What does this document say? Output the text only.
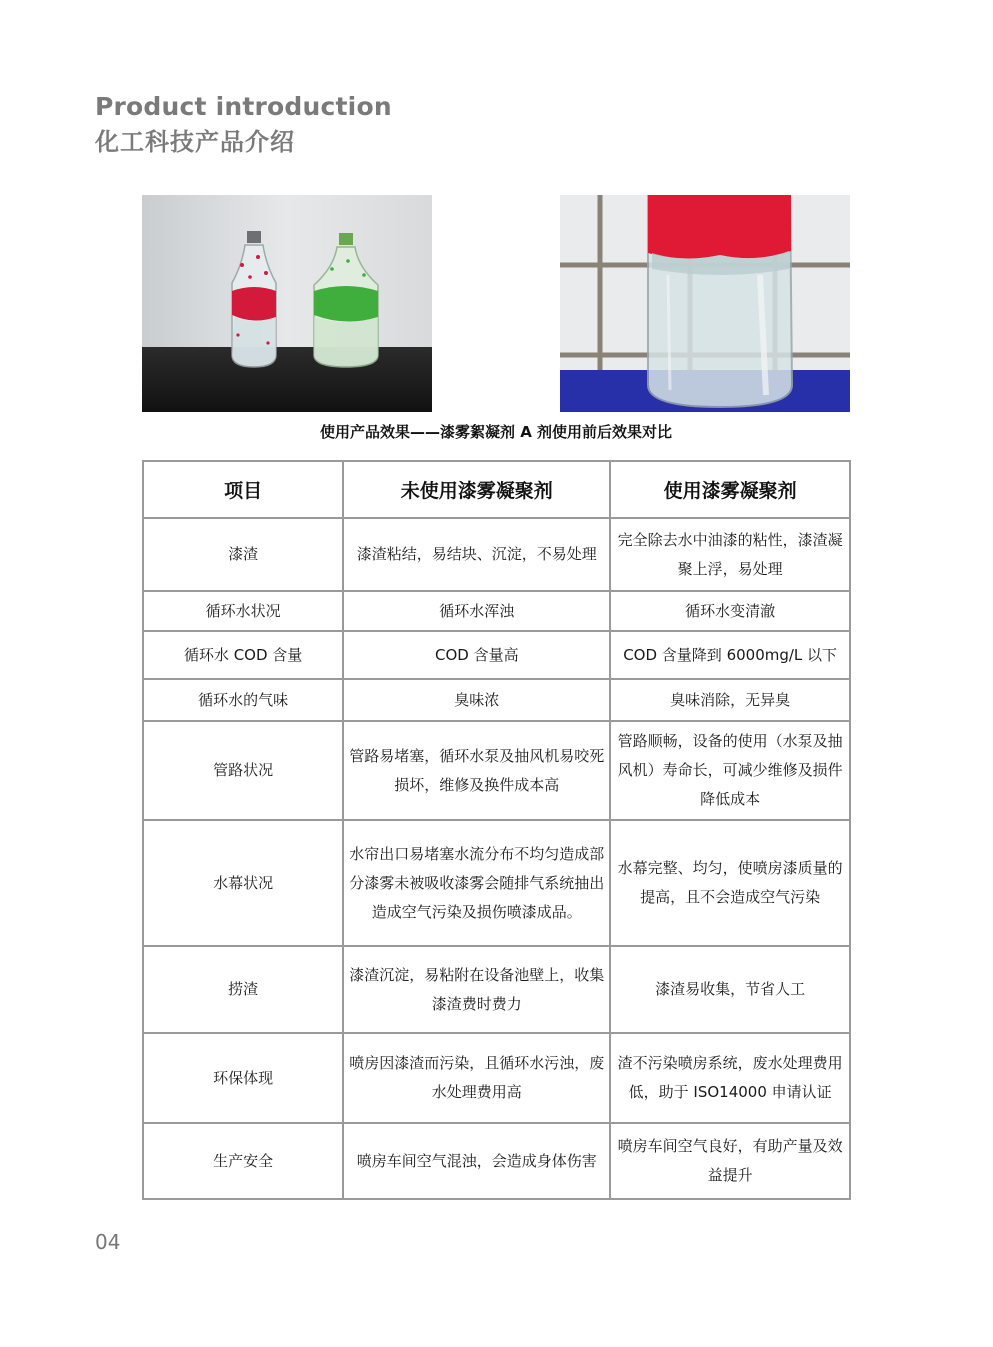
Product introduction
化工科技产品介绍
使用产品效果——漆雾絮凝剂 A 剂使用前后效果对比
项目	未使用漆雾凝聚剂	使用漆雾凝聚剂
漆渣	漆渣粘结，易结块、沉淀，不易处理	完全除去水中油漆的粘性，漆渣凝聚上浮，易处理
循环水状况	循环水浑浊	循环水变清澈
循环水 COD 含量	COD 含量高	COD 含量降到 6000mg/L 以下
循环水的气味	臭味浓	臭味消除，无异臭
管路状况	管路易堵塞，循环水泵及抽风机易咬死损坏，维修及换件成本高	管路顺畅，设备的使用（水泵及抽风机）寿命长，可减少维修及损件降低成本
水幕状况	水帘出口易堵塞水流分布不均匀造成部分漆雾未被吸收漆雾会随排气系统抽出造成空气污染及损伤喷漆成品。	水幕完整、均匀，使喷房漆质量的提高，且不会造成空气污染
捞渣	漆渣沉淀，易粘附在设备池壁上，收集漆渣费时费力	漆渣易收集，节省人工
环保体现	喷房因漆渣而污染，且循环水污浊，废水处理费用高	渣不污染喷房系统，废水处理费用低，助于 ISO14000 申请认证
生产安全	喷房车间空气混浊，会造成身体伤害	喷房车间空气良好，有助产量及效益提升
04
